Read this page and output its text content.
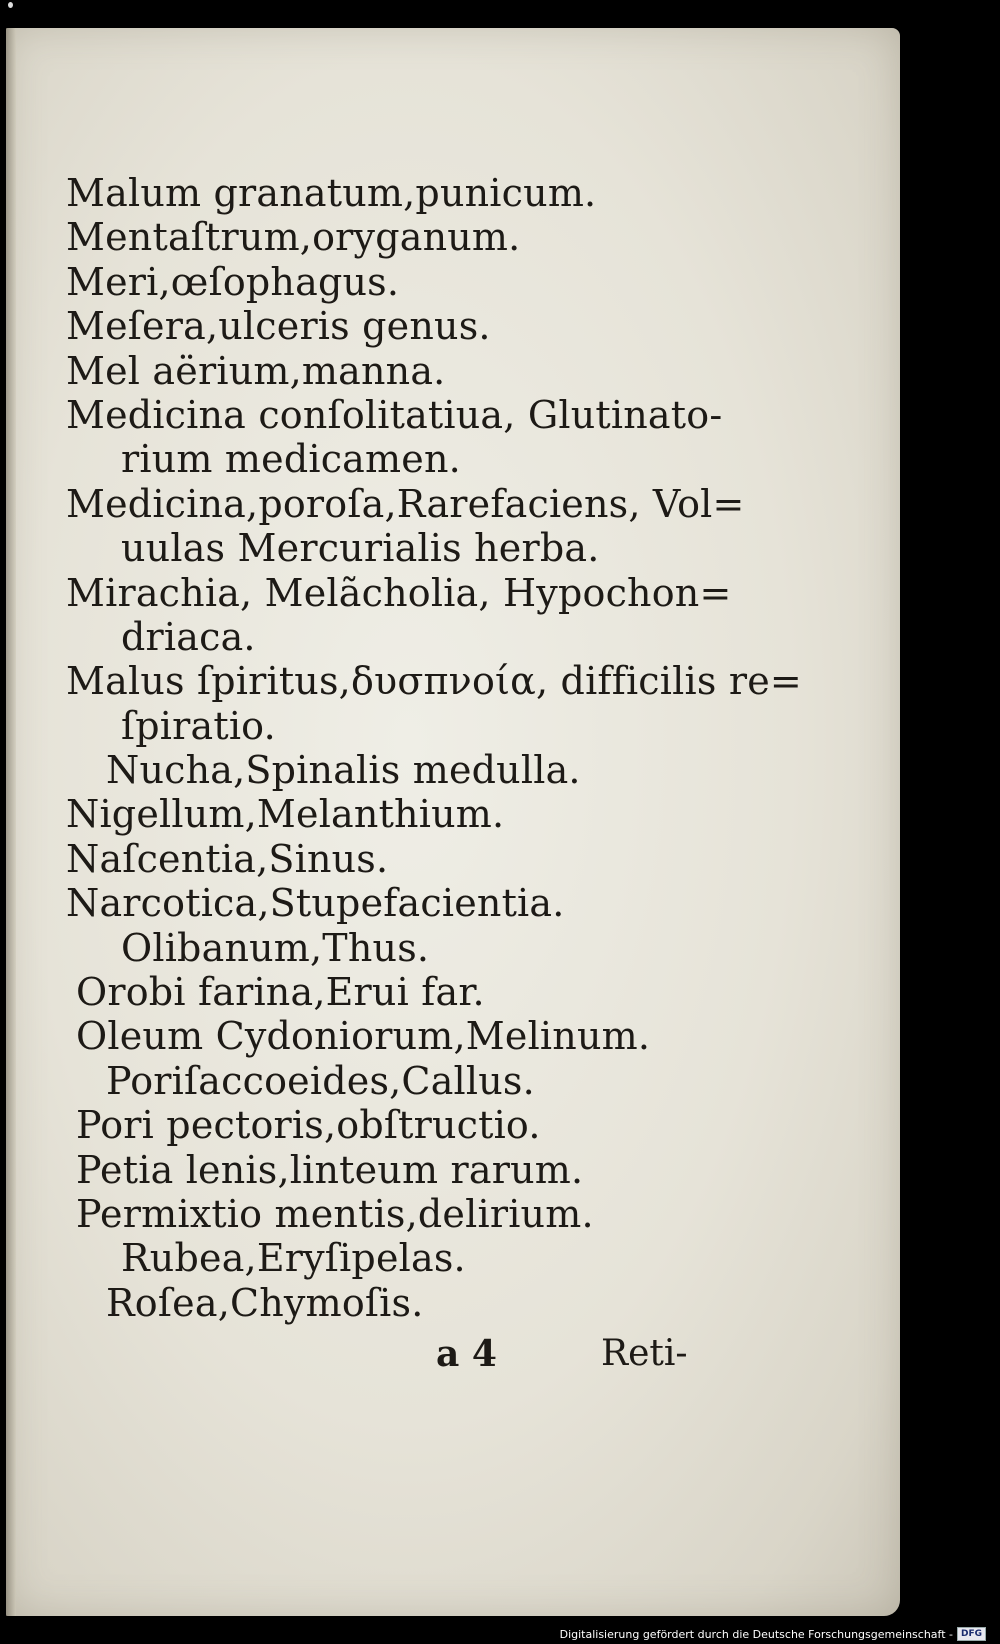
Malum granatum,punicum.
Mentaſtrum,oryganum.
Meri,œſophagus.
Meſera,ulceris genus.
Mel aërium,manna.
Medicina conſolitatiua, Glutinato-
rium medicamen.
Medicina,poroſa,Rarefaciens, Vol=
uulas Mercurialis herba.
Mirachia, Melãcholia, Hypochon=
driaca.
Malus ſpiritus,δυσπνοία, difficilis re=
ſpiratio.
Nucha,Spinalis medulla.
Nigellum,Melanthium.
Naſcentia,Sinus.
Narcotica,Stupefacientia.
Olibanum,Thus.
Orobi farina,Erui far.
Oleum Cydoniorum,Melinum.
Poriſaccoeides,Callus.
Pori pectoris,obſtructio.
Petia lenis,linteum rarum.
Permixtio mentis,delirium.
Rubea,Eryſipelas.
Roſea,Chymoſis.
a 4	Reti-
Digitalisierung gefördert durch die Deutsche Forschungsgemeinschaft - DFG
